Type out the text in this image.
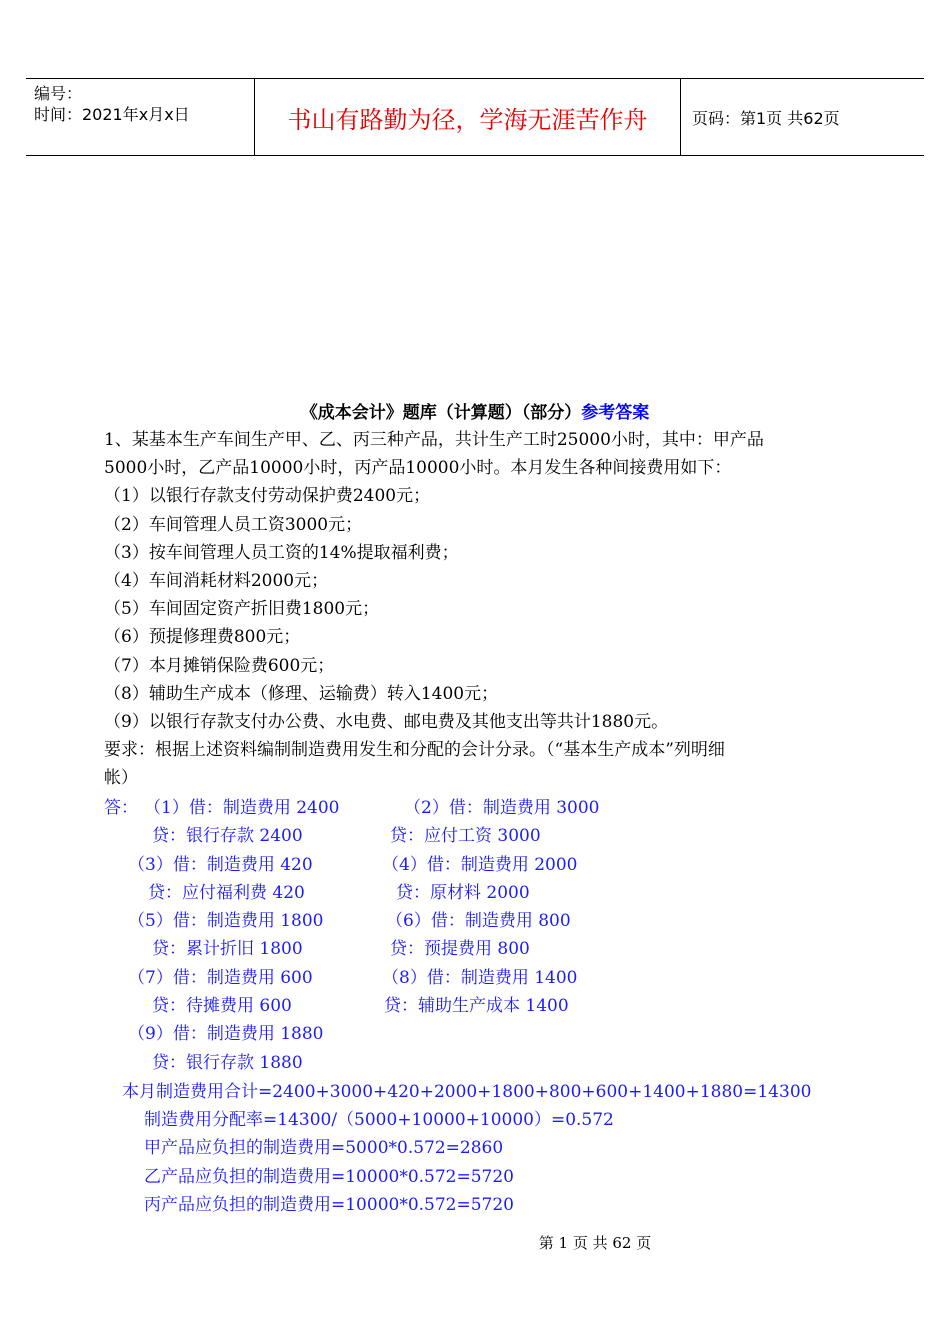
编号：
时间：2021年x月x日	书山有路勤为径，学海无涯苦作舟	页码：第1页 共62页
《成本会计》题库（计算题）（部分）参考答案
1、某基本生产车间生产甲、乙、丙三种产品，共计生产工时25000小时，其中：甲产品
5000小时，乙产品10000小时，丙产品10000小时。本月发生各种间接费用如下：
（1）以银行存款支付劳动保护费2400元；
（2）车间管理人员工资3000元；
（3）按车间管理人员工资的14%提取福利费；
（4）车间消耗材料2000元；
（5）车间固定资产折旧费1800元；
（6）预提修理费800元；
（7）本月摊销保险费600元；
（8）辅助生产成本（修理、运输费）转入1400元；
（9）以银行存款支付办公费、水电费、邮电费及其他支出等共计1880元。
要求：根据上述资料编制制造费用发生和分配的会计分录。（“基本生产成本”列明细
帐）
答： （1）借：制造费用 2400	（2）借：制造费用 3000
贷：银行存款 2400	贷：应付工资 3000
（3）借：制造费用 420	（4）借：制造费用 2000
贷：应付福利费 420	贷：原材料 2000
（5）借：制造费用 1800	（6）借：制造费用 800
贷：累计折旧 1800	贷：预提费用 800
（7）借：制造费用 600	（8）借：制造费用 1400
贷：待摊费用 600	贷：辅助生产成本 1400
（9）借：制造费用 1880
贷：银行存款 1880
本月制造费用合计=2400+3000+420+2000+1800+800+600+1400+1880=14300
制造费用分配率=14300/（5000+10000+10000）=0.572
甲产品应负担的制造费用=5000*0.572=2860
乙产品应负担的制造费用=10000*0.572=5720
丙产品应负担的制造费用=10000*0.572=5720
第 1 页 共 62 页
